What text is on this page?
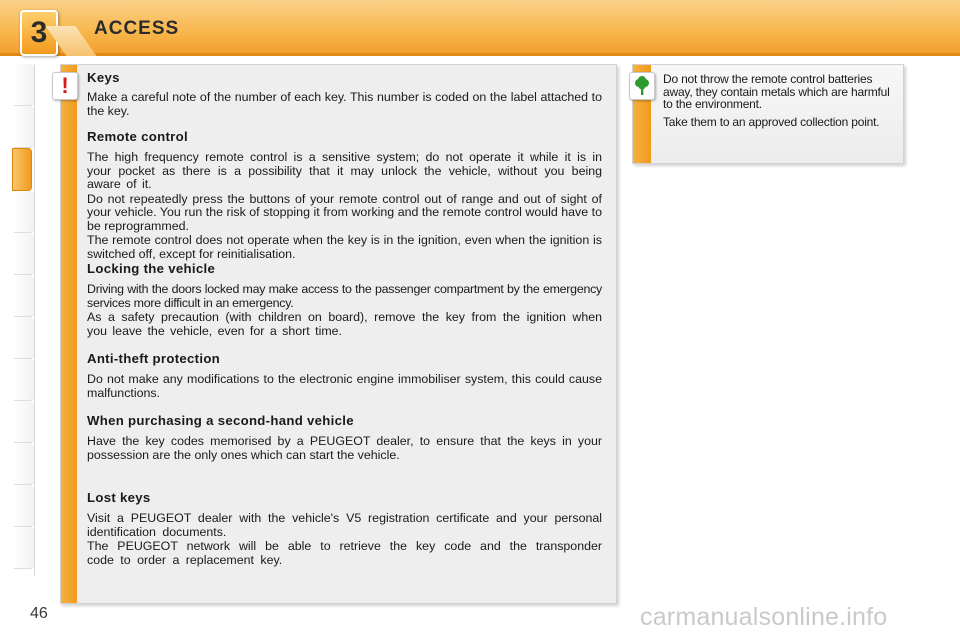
3 ACCESS
!	Keys

Make a careful note of the number of each key. This number is coded on the label attached to the key.

Remote control

The high frequency remote control is a sensitive system; do not operate it while it is in your pocket as there is a possibility that it may unlock the vehicle, without you being aware of it.

Do not repeatedly press the buttons of your remote control out of range and out of sight of your vehicle. You run the risk of stopping it from working and the remote control would have to be reprogrammed.

The remote control does not operate when the key is in the ignition, even when the ignition is switched off, except for reinitialisation.

Locking the vehicle

Driving with the doors locked may make access to the passenger compartment by the emergency services more difficult in an emergency.

As a safety precaution (with children on board), remove the key from the ignition when you leave the vehicle, even for a short time.

Anti-theft protection

Do not make any modifications to the electronic engine immobiliser system, this could cause malfunctions.

When purchasing a second-hand vehicle

Have the key codes memorised by a PEUGEOT dealer, to ensure that the keys in your possession are the only ones which can start the vehicle.

Lost keys

Visit a PEUGEOT dealer with the vehicle's V5 registration certificate and your personal identification documents.

The PEUGEOT network will be able to retrieve the key code and the transponder code to order a replacement key.

Do not throw the remote control batteries away, they contain metals which are harmful to the environment.

Take them to an approved collection point.

46	carmanualsonline.info
